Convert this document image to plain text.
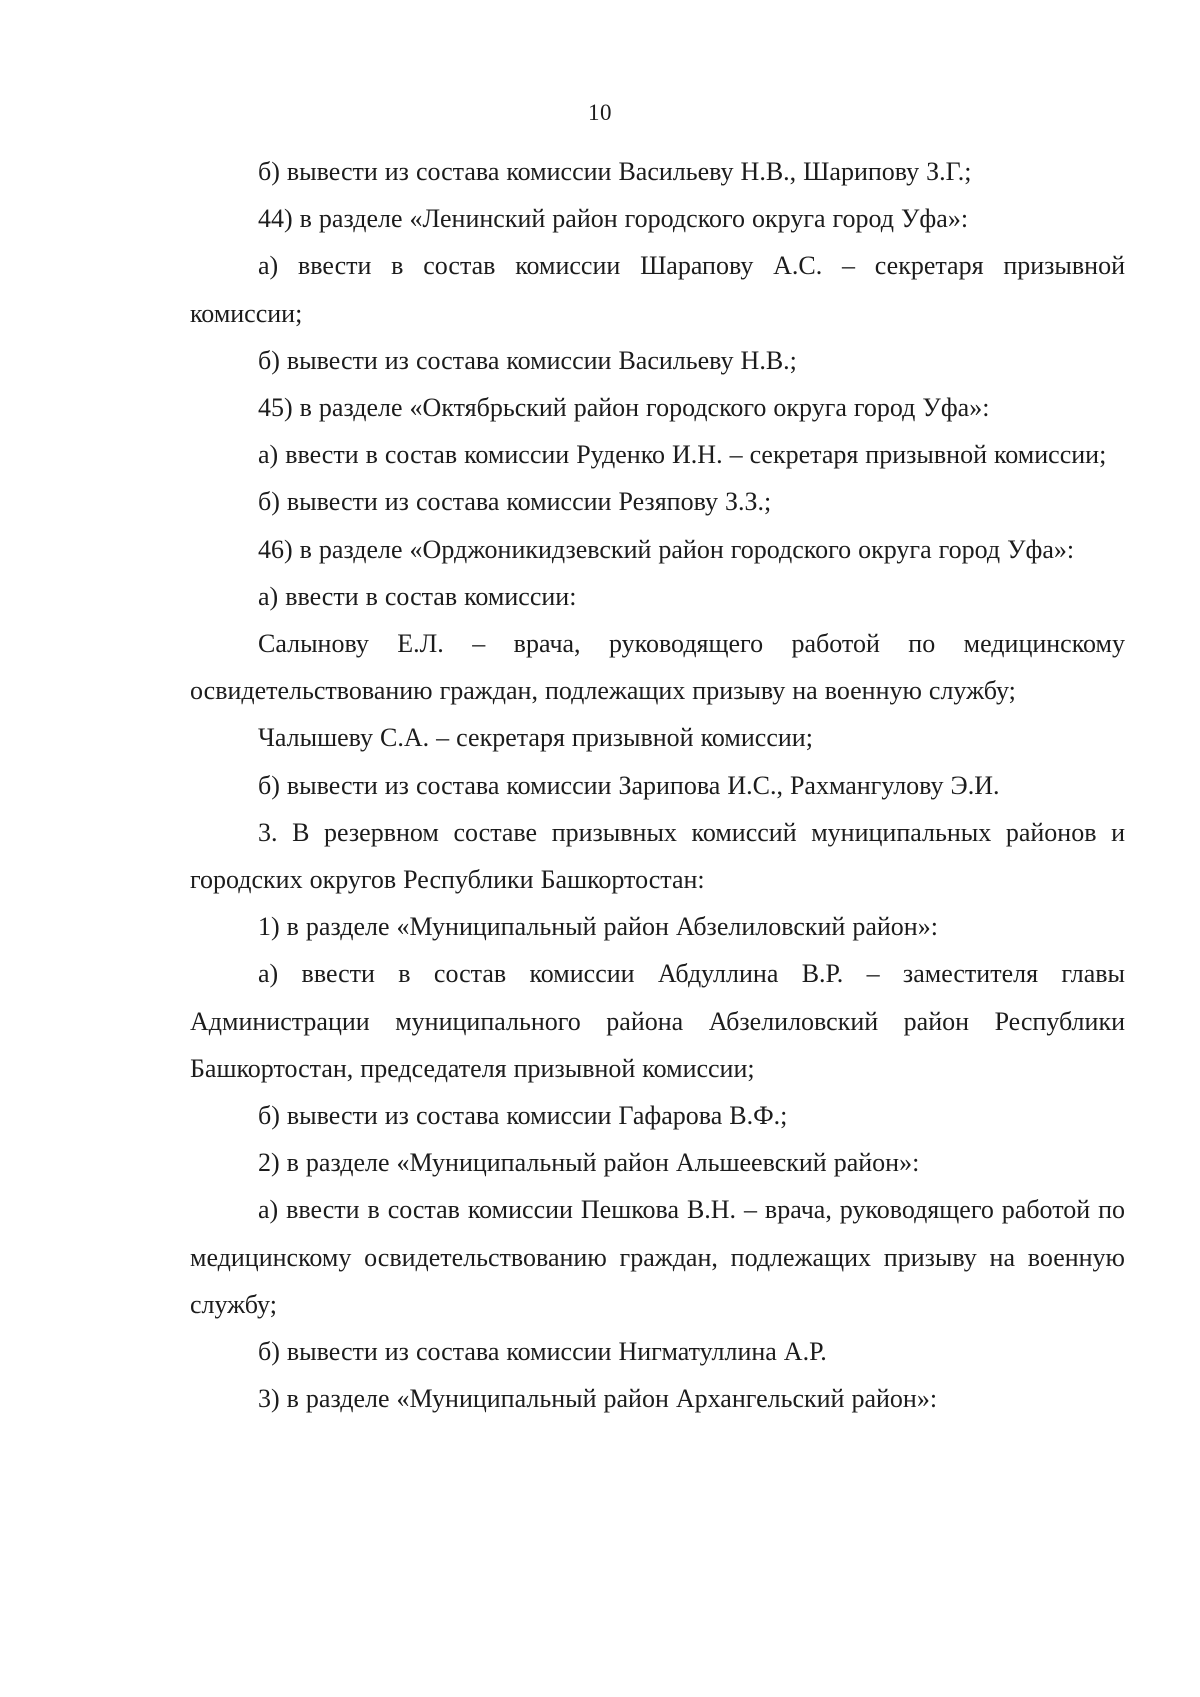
10

б) вывести из состава комиссии Васильеву Н.В., Шарипову З.Г.;

44) в разделе «Ленинский район городского округа город Уфа»:

а) ввести в состав комиссии Шарапову А.С. – секретаря призывной комиссии;

б) вывести из состава комиссии Васильеву Н.В.;

45) в разделе «Октябрьский район городского округа город Уфа»:

а) ввести в состав комиссии Руденко И.Н. – секретаря призывной комиссии;

б) вывести из состава комиссии Резяпову З.З.;

46) в разделе «Орджоникидзевский район городского округа город Уфа»:

а) ввести в состав комиссии:

Салынову Е.Л. – врача, руководящего работой по медицинскому освидетельствованию граждан, подлежащих призыву на военную службу;

Чалышеву С.А. – секретаря призывной комиссии;

б) вывести из состава комиссии Зарипова И.С., Рахмангулову Э.И.

3. В резервном составе призывных комиссий муниципальных районов и городских округов Республики Башкортостан:

1) в разделе «Муниципальный район Абзелиловский район»:

а) ввести в состав комиссии Абдуллина В.Р. – заместителя главы Администрации муниципального района Абзелиловский район Республики Башкортостан, председателя призывной комиссии;

б) вывести из состава комиссии Гафарова В.Ф.;

2) в разделе «Муниципальный район Альшеевский район»:

а) ввести в состав комиссии Пешкова В.Н. – врача, руководящего работой по медицинскому освидетельствованию граждан, подлежащих призыву на военную службу;

б) вывести из состава комиссии Нигматуллина А.Р.

3) в разделе «Муниципальный район Архангельский район»:
